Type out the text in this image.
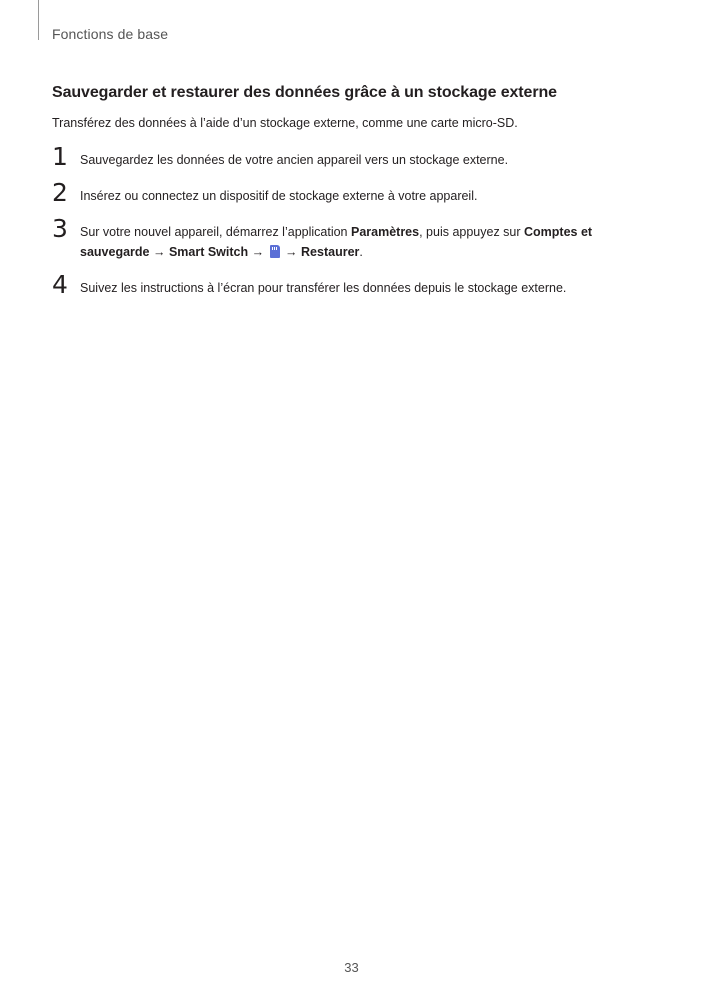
Fonctions de base
Sauvegarder et restaurer des données grâce à un stockage externe

Transférez des données à l’aide d’un stockage externe, comme une carte micro-SD.

1 Sauvegardez les données de votre ancien appareil vers un stockage externe.

2 Insérez ou connectez un dispositif de stockage externe à votre appareil.

3 Sur votre nouvel appareil, démarrez l’application Paramètres, puis appuyez sur Comptes et sauvegarde → Smart Switch →  → Restaurer.

4 Suivez les instructions à l’écran pour transférer les données depuis le stockage externe.

33
